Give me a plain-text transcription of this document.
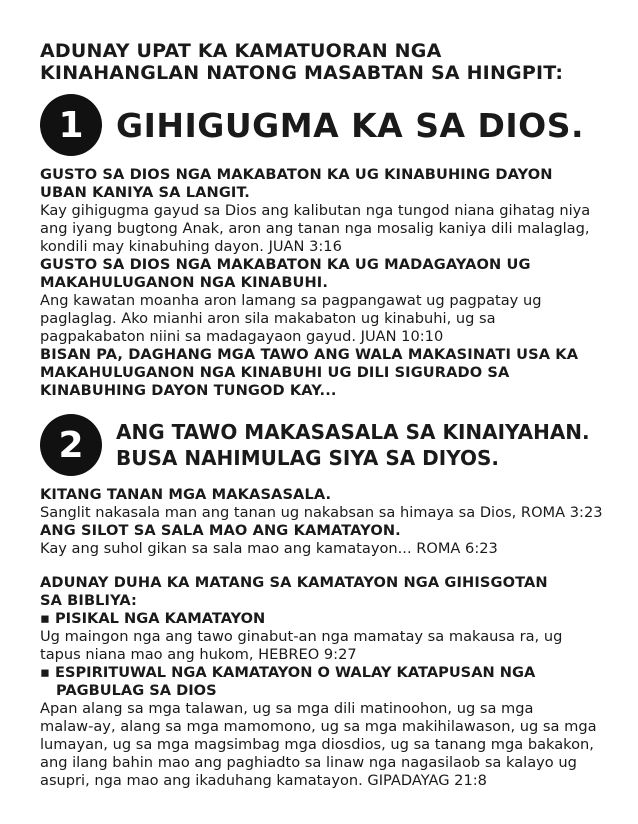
ADUNAY UPAT KA KAMATUORAN NGA
KINAHANGLAN NATONG MASABTAN SA HINGPIT:
1 GIHIGUGMA KA SA DIOS.
GUSTO SA DIOS NGA MAKABATON KA UG KINABUHING DAYON
UBAN KANIYA SA LANGIT.
Kay gihigugma gayud sa Dios ang kalibutan nga tungod niana gihatag niya
ang iyang bugtong Anak, aron ang tanan nga mosalig kaniya dili malaglag,
kondili may kinabuhing dayon. JUAN 3:16
GUSTO SA DIOS NGA MAKABATON KA UG MADAGAYAON UG
MAKAHULUGANON NGA KINABUHI.
Ang kawatan moanha aron lamang sa pagpangawat ug pagpatay ug
paglaglag. Ako mianhi aron sila makabaton ug kinabuhi, ug sa
pagpakabaton niini sa madagayaon gayud. JUAN 10:10
BISAN PA, DAGHANG MGA TAWO ANG WALA MAKASINATI USA KA
MAKAHULUGANON NGA KINABUHI UG DILI SIGURADO SA
KINABUHING DAYON TUNGOD KAY...
2	ANG TAWO MAKASASALA SA KINAIYAHAN.
BUSA NAHIMULAG SIYA SA DIYOS.
KITANG TANAN MGA MAKASASALA.
Sanglit nakasala man ang tanan ug nakabsan sa himaya sa Dios, ROMA 3:23
ANG SILOT SA SALA MAO ANG KAMATAYON.
Kay ang suhol gikan sa sala mao ang kamatayon... ROMA 6:23
ADUNAY DUHA KA MATANG SA KAMATAYON NGA GIHISGOTAN
SA BIBLIYA:
▪ PISIKAL NGA KAMATAYON
Ug maingon nga ang tawo ginabut-an nga mamatay sa makausa ra, ug
tapus niana mao ang hukom, HEBREO 9:27
▪ ESPIRITUWAL NGA KAMATAYON O WALAY KATAPUSAN NGA
PAGBULAG SA DIOS
Apan alang sa mga talawan, ug sa mga dili matinoohon, ug sa mga
malaw-ay, alang sa mga mamomono, ug sa mga makihilawason, ug sa mga
lumayan, ug sa mga magsimbag mga diosdios, ug sa tanang mga bakakon,
ang ilang bahin mao ang paghiadto sa linaw nga nagasilaob sa kalayo ug
asupri, nga mao ang ikaduhang kamatayon. GIPADAYAG 21:8
